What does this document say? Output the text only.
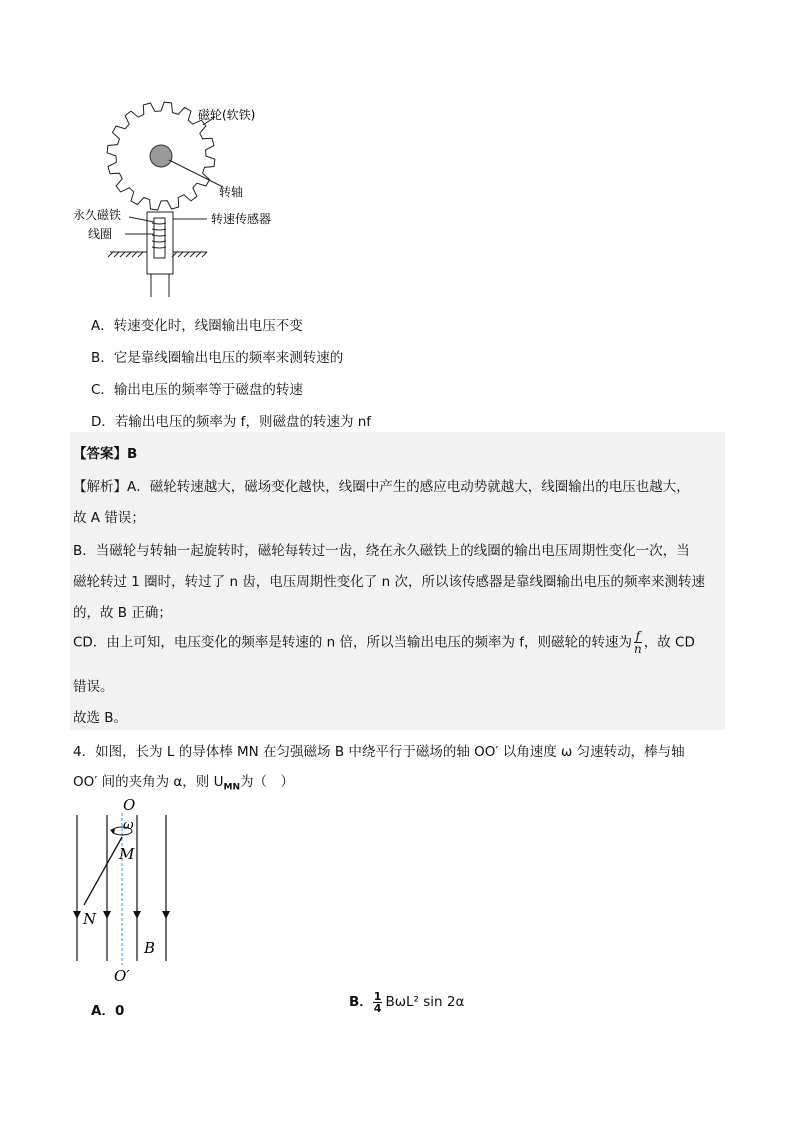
磁轮(软铁)
转轴
永久磁铁	转速传感器
线圈
A．转速变化时，线圈输出电压不变
B．它是靠线圈输出电压的频率来测转速的
C．输出电压的频率等于磁盘的转速
D．若输出电压的频率为 f，则磁盘的转速为 nf
【答案】B
【解析】A．磁轮转速越大，磁场变化越快，线圈中产生的感应电动势就越大，线圈输出的电压也越大，
故 A 错误；
B．当磁轮与转轴一起旋转时，磁轮每转过一齿，绕在永久磁铁上的线圈的输出电压周期性变化一次，当
磁轮转过 1 圈时，转过了 n 齿，电压周期性变化了 n 次，所以该传感器是靠线圈输出电压的频率来测转速
的，故 B 正确；
CD．由上可知，电压变化的频率是转速的 n 倍，所以当输出电压的频率为 f，则磁轮的转速为 $\frac{f}{n}$ ，故 CD
错误。
故选 B。
4．如图，长为 L 的导体棒 MN 在匀强磁场 B 中绕平行于磁场的轴 OO′ 以角速度 ω 匀速转动，棒与轴
OO′ 间的夹角为 α，则 $U_{MN}$为（　）
O
ω
M
N
B
O′
A．0
B． $\frac{1}{4} B\omega L^2$ sin 2α
